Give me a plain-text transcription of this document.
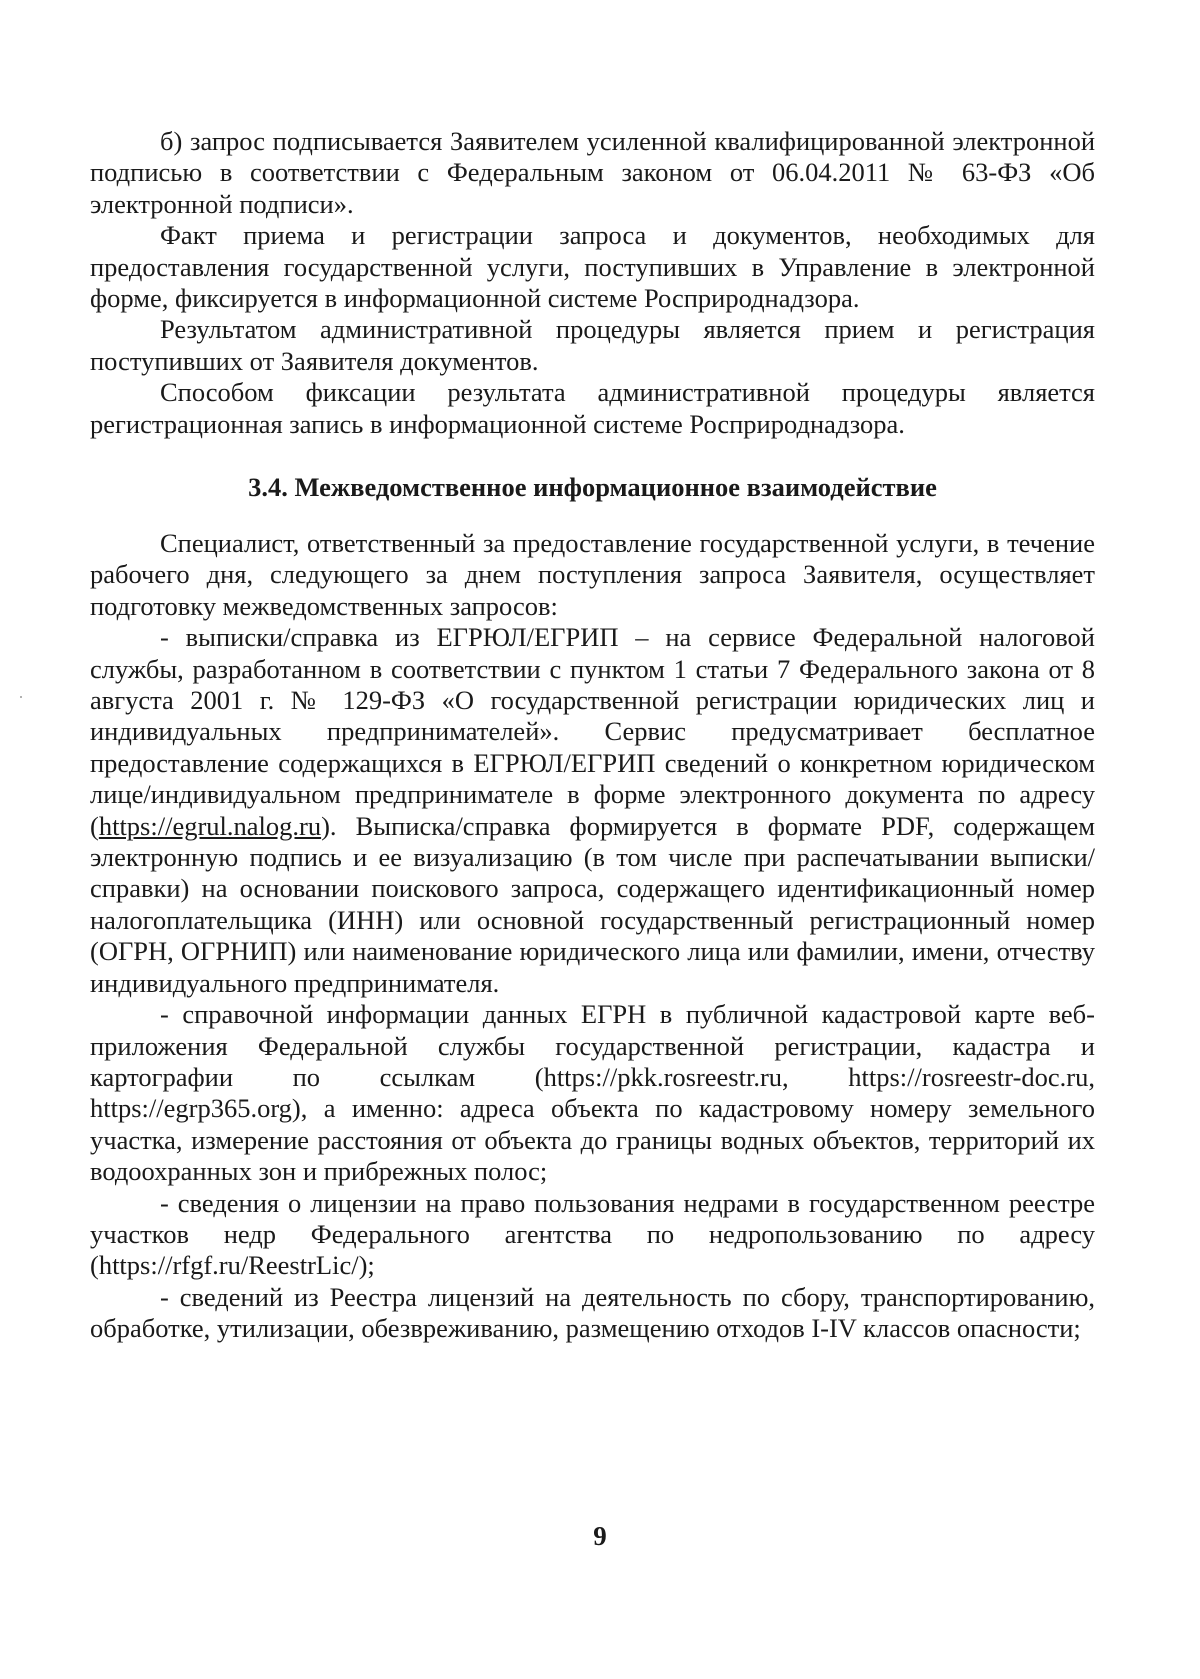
б) запрос подписывается Заявителем усиленной квалифицированной электронной подписью в соответствии с Федеральным законом от 06.04.2011 № 63-ФЗ «Об электронной подписи».

Факт приема и регистрации запроса и документов, необходимых для предоставления государственной услуги, поступивших в Управление в электронной форме, фиксируется в информационной системе Росприроднадзора.

Результатом административной процедуры является прием и регистрация поступивших от Заявителя документов.

Способом фиксации результата административной процедуры является регистрационная запись в информационной системе Росприроднадзора.

3.4. Межведомственное информационное взаимодействие

Специалист, ответственный за предоставление государственной услуги, в течение рабочего дня, следующего за днем поступления запроса Заявителя, осуществляет подготовку межведомственных запросов:

- выписки/справка из ЕГРЮЛ/ЕГРИП – на сервисе Федеральной налоговой службы, разработанном в соответствии с пунктом 1 статьи 7 Федерального закона от 8 августа 2001 г. № 129-ФЗ «О государственной регистрации юридических лиц и индивидуальных предпринимателей». Сервис предусматривает бесплатное предоставление содержащихся в ЕГРЮЛ/ЕГРИП сведений о конкретном юридическом лице/индивидуальном предпринимателе в форме электронного документа по адресу (https://egrul.nalog.ru). Выписка/справка формируется в формате PDF, содержащем электронную подпись и ее визуализацию (в том числе при распечатывании выписки/справки) на основании поискового запроса, содержащего идентификационный номер налогоплательщика (ИНН) или основной государственный регистрационный номер (ОГРН, ОГРНИП) или наименование юридического лица или фамилии, имени, отчеству индивидуального предпринимателя.

- справочной информации данных ЕГРН в публичной кадастровой карте веб-приложения Федеральной службы государственной регистрации, кадастра и картографии по ссылкам (https://pkk.rosreestr.ru, https://rosreestr-doc.ru, https://egrp365.org), а именно: адреса объекта по кадастровому номеру земельного участка, измерение расстояния от объекта до границы водных объектов, территорий их водоохранных зон и прибрежных полос;

- сведения о лицензии на право пользования недрами в государственном реестре участков недр Федерального агентства по недропользованию по адресу (https://rfgf.ru/ReestrLic/);

- сведений из Реестра лицензий на деятельность по сбору, транспортированию, обработке, утилизации, обезвреживанию, размещению отходов I-IV классов опасности;

9
